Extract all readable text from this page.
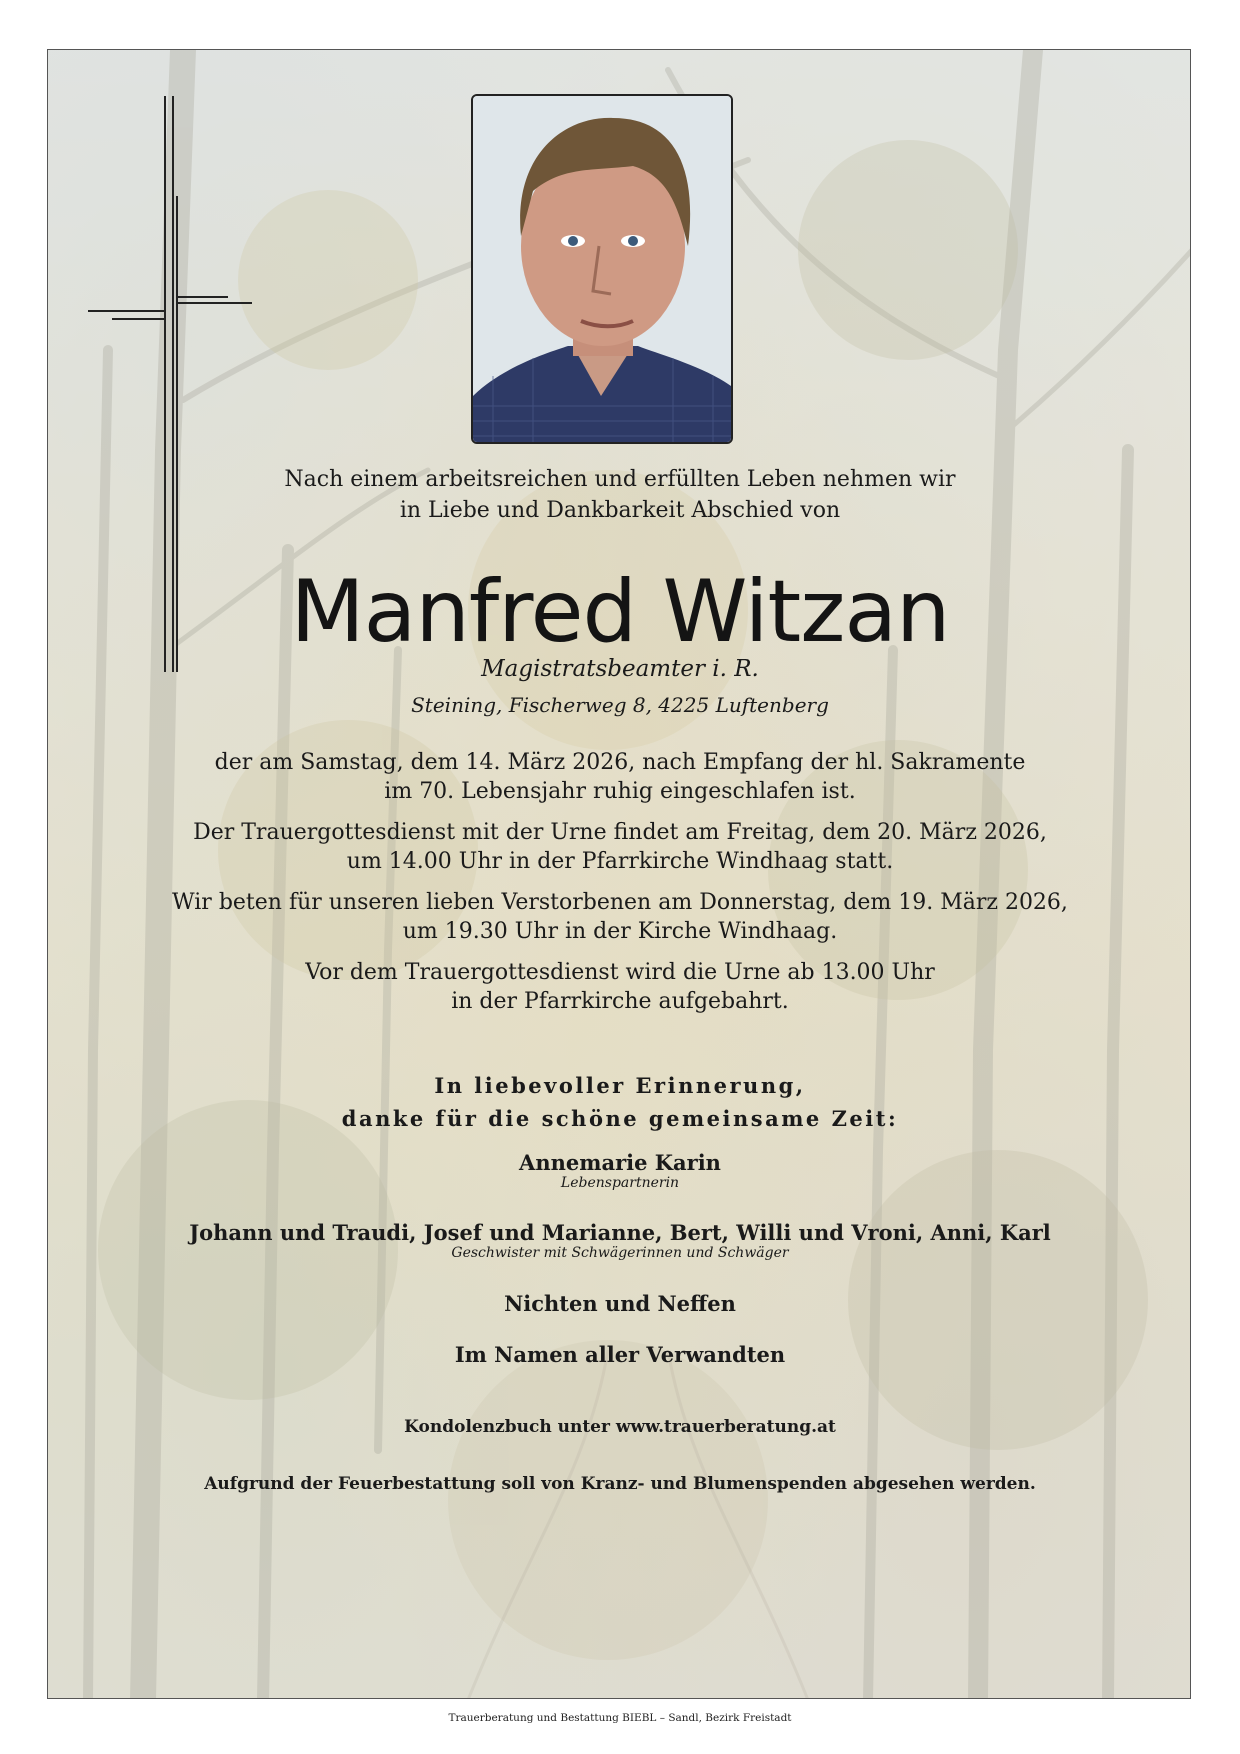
Nach einem arbeitsreichen und erfüllten Leben nehmen wir
in Liebe und Dankbarkeit Abschied von
Manfred Witzan
Magistratsbeamter i. R.
Steining, Fischerweg 8, 4225 Luftenberg
der am Samstag, dem 14. März 2026, nach Empfang der hl. Sakramente
im 70. Lebensjahr ruhig eingeschlafen ist.
Der Trauergottesdienst mit der Urne findet am Freitag, dem 20. März 2026,
um 14.00 Uhr in der Pfarrkirche Windhaag statt.
Wir beten für unseren lieben Verstorbenen am Donnerstag, dem 19. März 2026,
um 19.30 Uhr in der Kirche Windhaag.
Vor dem Trauergottesdienst wird die Urne ab 13.00 Uhr
in der Pfarrkirche aufgebahrt.
In liebevoller Erinnerung,
danke für die schöne gemeinsame Zeit:
Annemarie Karin
Lebenspartnerin
Johann und Traudi, Josef und Marianne, Bert, Willi und Vroni, Anni, Karl
Geschwister mit Schwägerinnen und Schwäger
Nichten und Neffen
Im Namen aller Verwandten
Kondolenzbuch unter www.trauerberatung.at
Aufgrund der Feuerbestattung soll von Kranz- und Blumenspenden abgesehen werden.
Trauerberatung und Bestattung BIEBL – Sandl, Bezirk Freistadt
